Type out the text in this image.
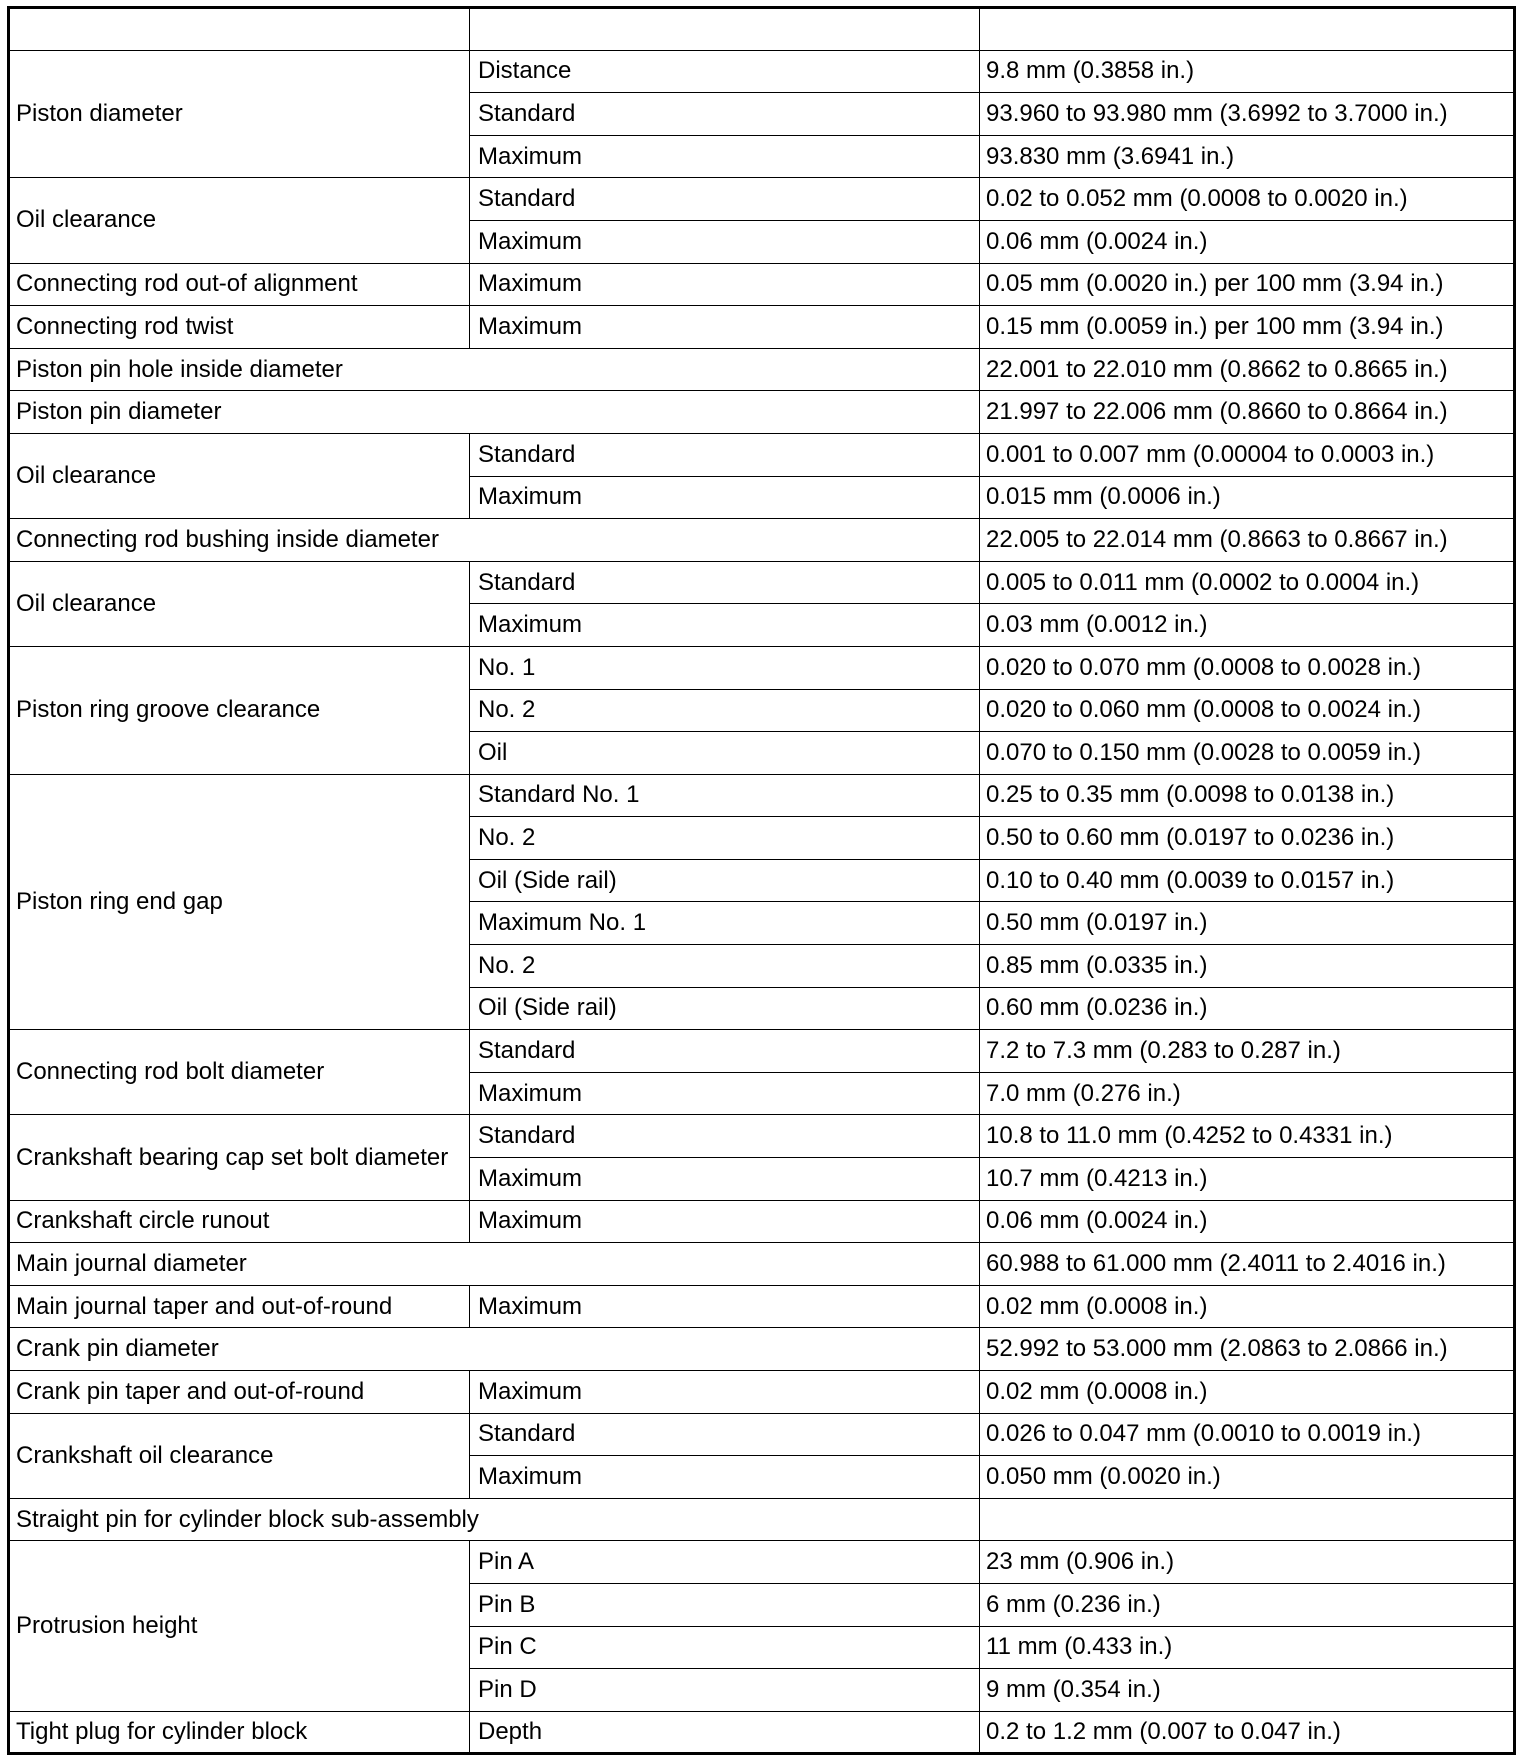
Piston diameter	Distance	9.8 mm (0.3858 in.)
	Standard	93.960 to 93.980 mm (3.6992 to 3.7000 in.)
	Maximum	93.830 mm (3.6941 in.)
Oil clearance	Standard	0.02 to 0.052 mm (0.0008 to 0.0020 in.)
	Maximum	0.06 mm (0.0024 in.)
Connecting rod out-of alignment	Maximum	0.05 mm (0.0020 in.) per 100 mm (3.94 in.)
Connecting rod twist	Maximum	0.15 mm (0.0059 in.) per 100 mm (3.94 in.)
Piston pin hole inside diameter		22.001 to 22.010 mm (0.8662 to 0.8665 in.)
Piston pin diameter		21.997 to 22.006 mm (0.8660 to 0.8664 in.)
Oil clearance	Standard	0.001 to 0.007 mm (0.00004 to 0.0003 in.)
	Maximum	0.015 mm (0.0006 in.)
Connecting rod bushing inside diameter		22.005 to 22.014 mm (0.8663 to 0.8667 in.)
Oil clearance	Standard	0.005 to 0.011 mm (0.0002 to 0.0004 in.)
	Maximum	0.03 mm (0.0012 in.)
Piston ring groove clearance	No. 1	0.020 to 0.070 mm (0.0008 to 0.0028 in.)
	No. 2	0.020 to 0.060 mm (0.0008 to 0.0024 in.)
	Oil	0.070 to 0.150 mm (0.0028 to 0.0059 in.)
Piston ring end gap	Standard No. 1	0.25 to 0.35 mm (0.0098 to 0.0138 in.)
	No. 2	0.50 to 0.60 mm (0.0197 to 0.0236 in.)
	Oil (Side rail)	0.10 to 0.40 mm (0.0039 to 0.0157 in.)
	Maximum No. 1	0.50 mm (0.0197 in.)
	No. 2	0.85 mm (0.0335 in.)
	Oil (Side rail)	0.60 mm (0.0236 in.)
Connecting rod bolt diameter	Standard	7.2 to 7.3 mm (0.283 to 0.287 in.)
	Maximum	7.0 mm (0.276 in.)
Crankshaft bearing cap set bolt diameter	Standard	10.8 to 11.0 mm (0.4252 to 0.4331 in.)
	Maximum	10.7 mm (0.4213 in.)
Crankshaft circle runout	Maximum	0.06 mm (0.0024 in.)
Main journal diameter		60.988 to 61.000 mm (2.4011 to 2.4016 in.)
Main journal taper and out-of-round	Maximum	0.02 mm (0.0008 in.)
Crank pin diameter		52.992 to 53.000 mm (2.0863 to 2.0866 in.)
Crank pin taper and out-of-round	Maximum	0.02 mm (0.0008 in.)
Crankshaft oil clearance	Standard	0.026 to 0.047 mm (0.0010 to 0.0019 in.)
	Maximum	0.050 mm (0.0020 in.)
Straight pin for cylinder block sub-assembly		
Protrusion height	Pin A	23 mm (0.906 in.)
	Pin B	6 mm (0.236 in.)
	Pin C	11 mm (0.433 in.)
	Pin D	9 mm (0.354 in.)
Tight plug for cylinder block	Depth	0.2 to 1.2 mm (0.007 to 0.047 in.)
